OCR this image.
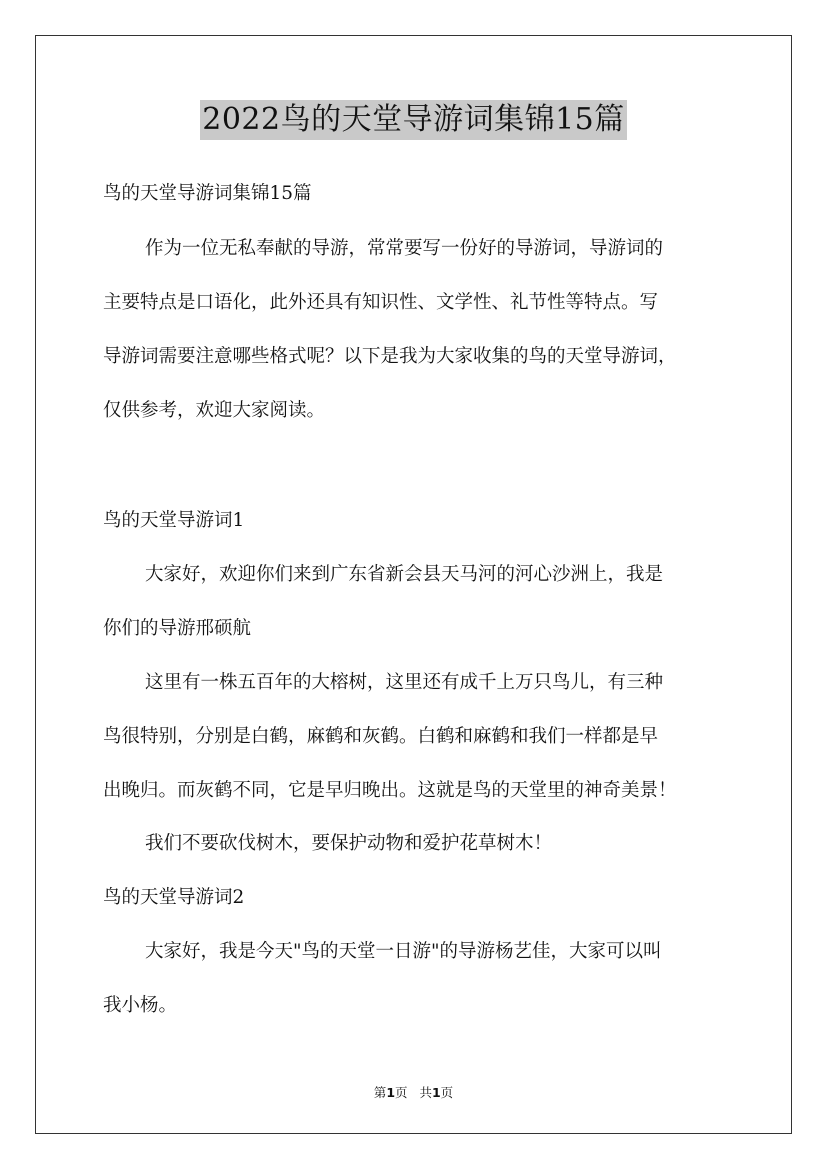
2022鸟的天堂导游词集锦15篇
鸟的天堂导游词集锦15篇
作为一位无私奉献的导游，常常要写一份好的导游词，导游词的
主要特点是口语化，此外还具有知识性、文学性、礼节性等特点。写
导游词需要注意哪些格式呢？以下是我为大家收集的鸟的天堂导游词，
仅供参考，欢迎大家阅读。
鸟的天堂导游词1
大家好，欢迎你们来到广东省新会县天马河的河心沙洲上，我是
你们的导游邢硕航
这里有一株五百年的大榕树，这里还有成千上万只鸟儿，有三种
鸟很特别，分别是白鹤，麻鹤和灰鹤。白鹤和麻鹤和我们一样都是早
出晚归。而灰鹤不同，它是早归晚出。这就是鸟的天堂里的神奇美景！
我们不要砍伐树木，要保护动物和爱护花草树木！
鸟的天堂导游词2
大家好，我是今天"鸟的天堂一日游"的导游杨艺佳，大家可以叫
我小杨。
第1页 共1页
